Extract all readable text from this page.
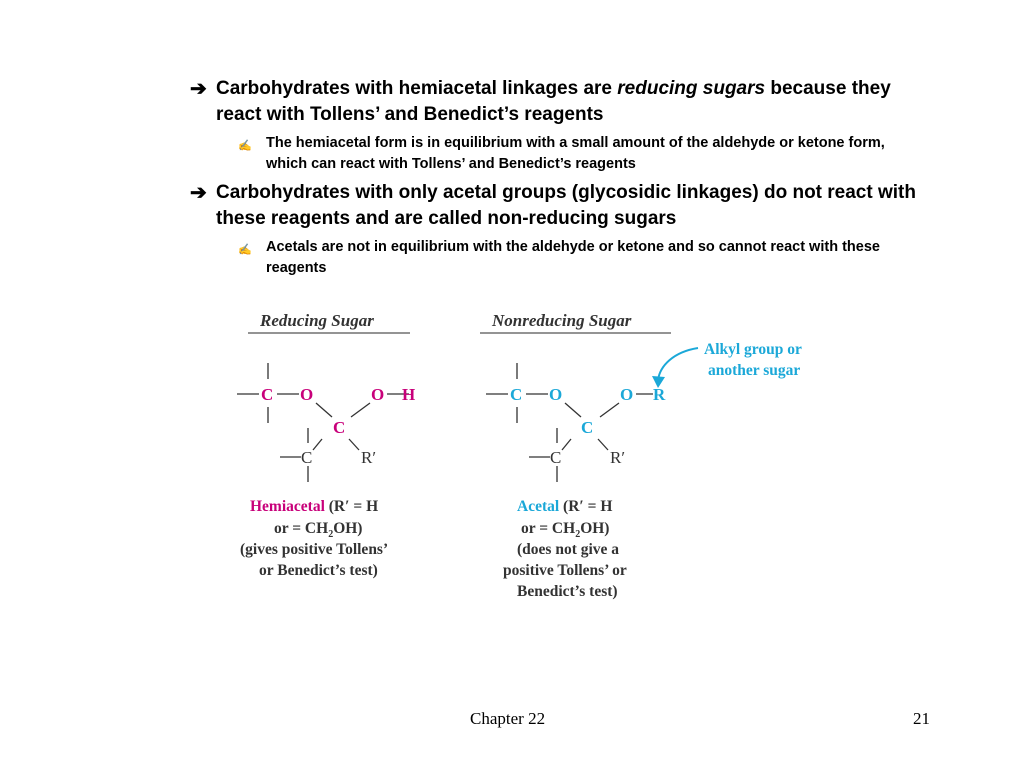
➔ Carbohydrates with hemiacetal linkages are reducing sugars because they react with Tollens’ and Benedict’s reagents
✍ The hemiacetal form is in equilibrium with a small amount of the aldehyde or ketone form, which can react with Tollens’ and Benedict’s reagents
➔ Carbohydrates with only acetal groups (glycosidic linkages) do not react with these reagents and are called non-reducing sugars
✍ Acetals are not in equilibrium with the aldehyde or ketone and so cannot react with these reagents
Reducing Sugar
C O	O H
C
C	R′
Hemiacetal (R′ = H
or = $CH_2OH$)
(gives positive Tollens’
or Benedict’s test)
Nonreducing Sugar
C O	O R
C
C	R′
Acetal (R′ = H
or = $CH_2OH$)
(does not give a
positive Tollens’ or
Benedict’s test)
Alkyl group or
another sugar
Chapter 22	21
